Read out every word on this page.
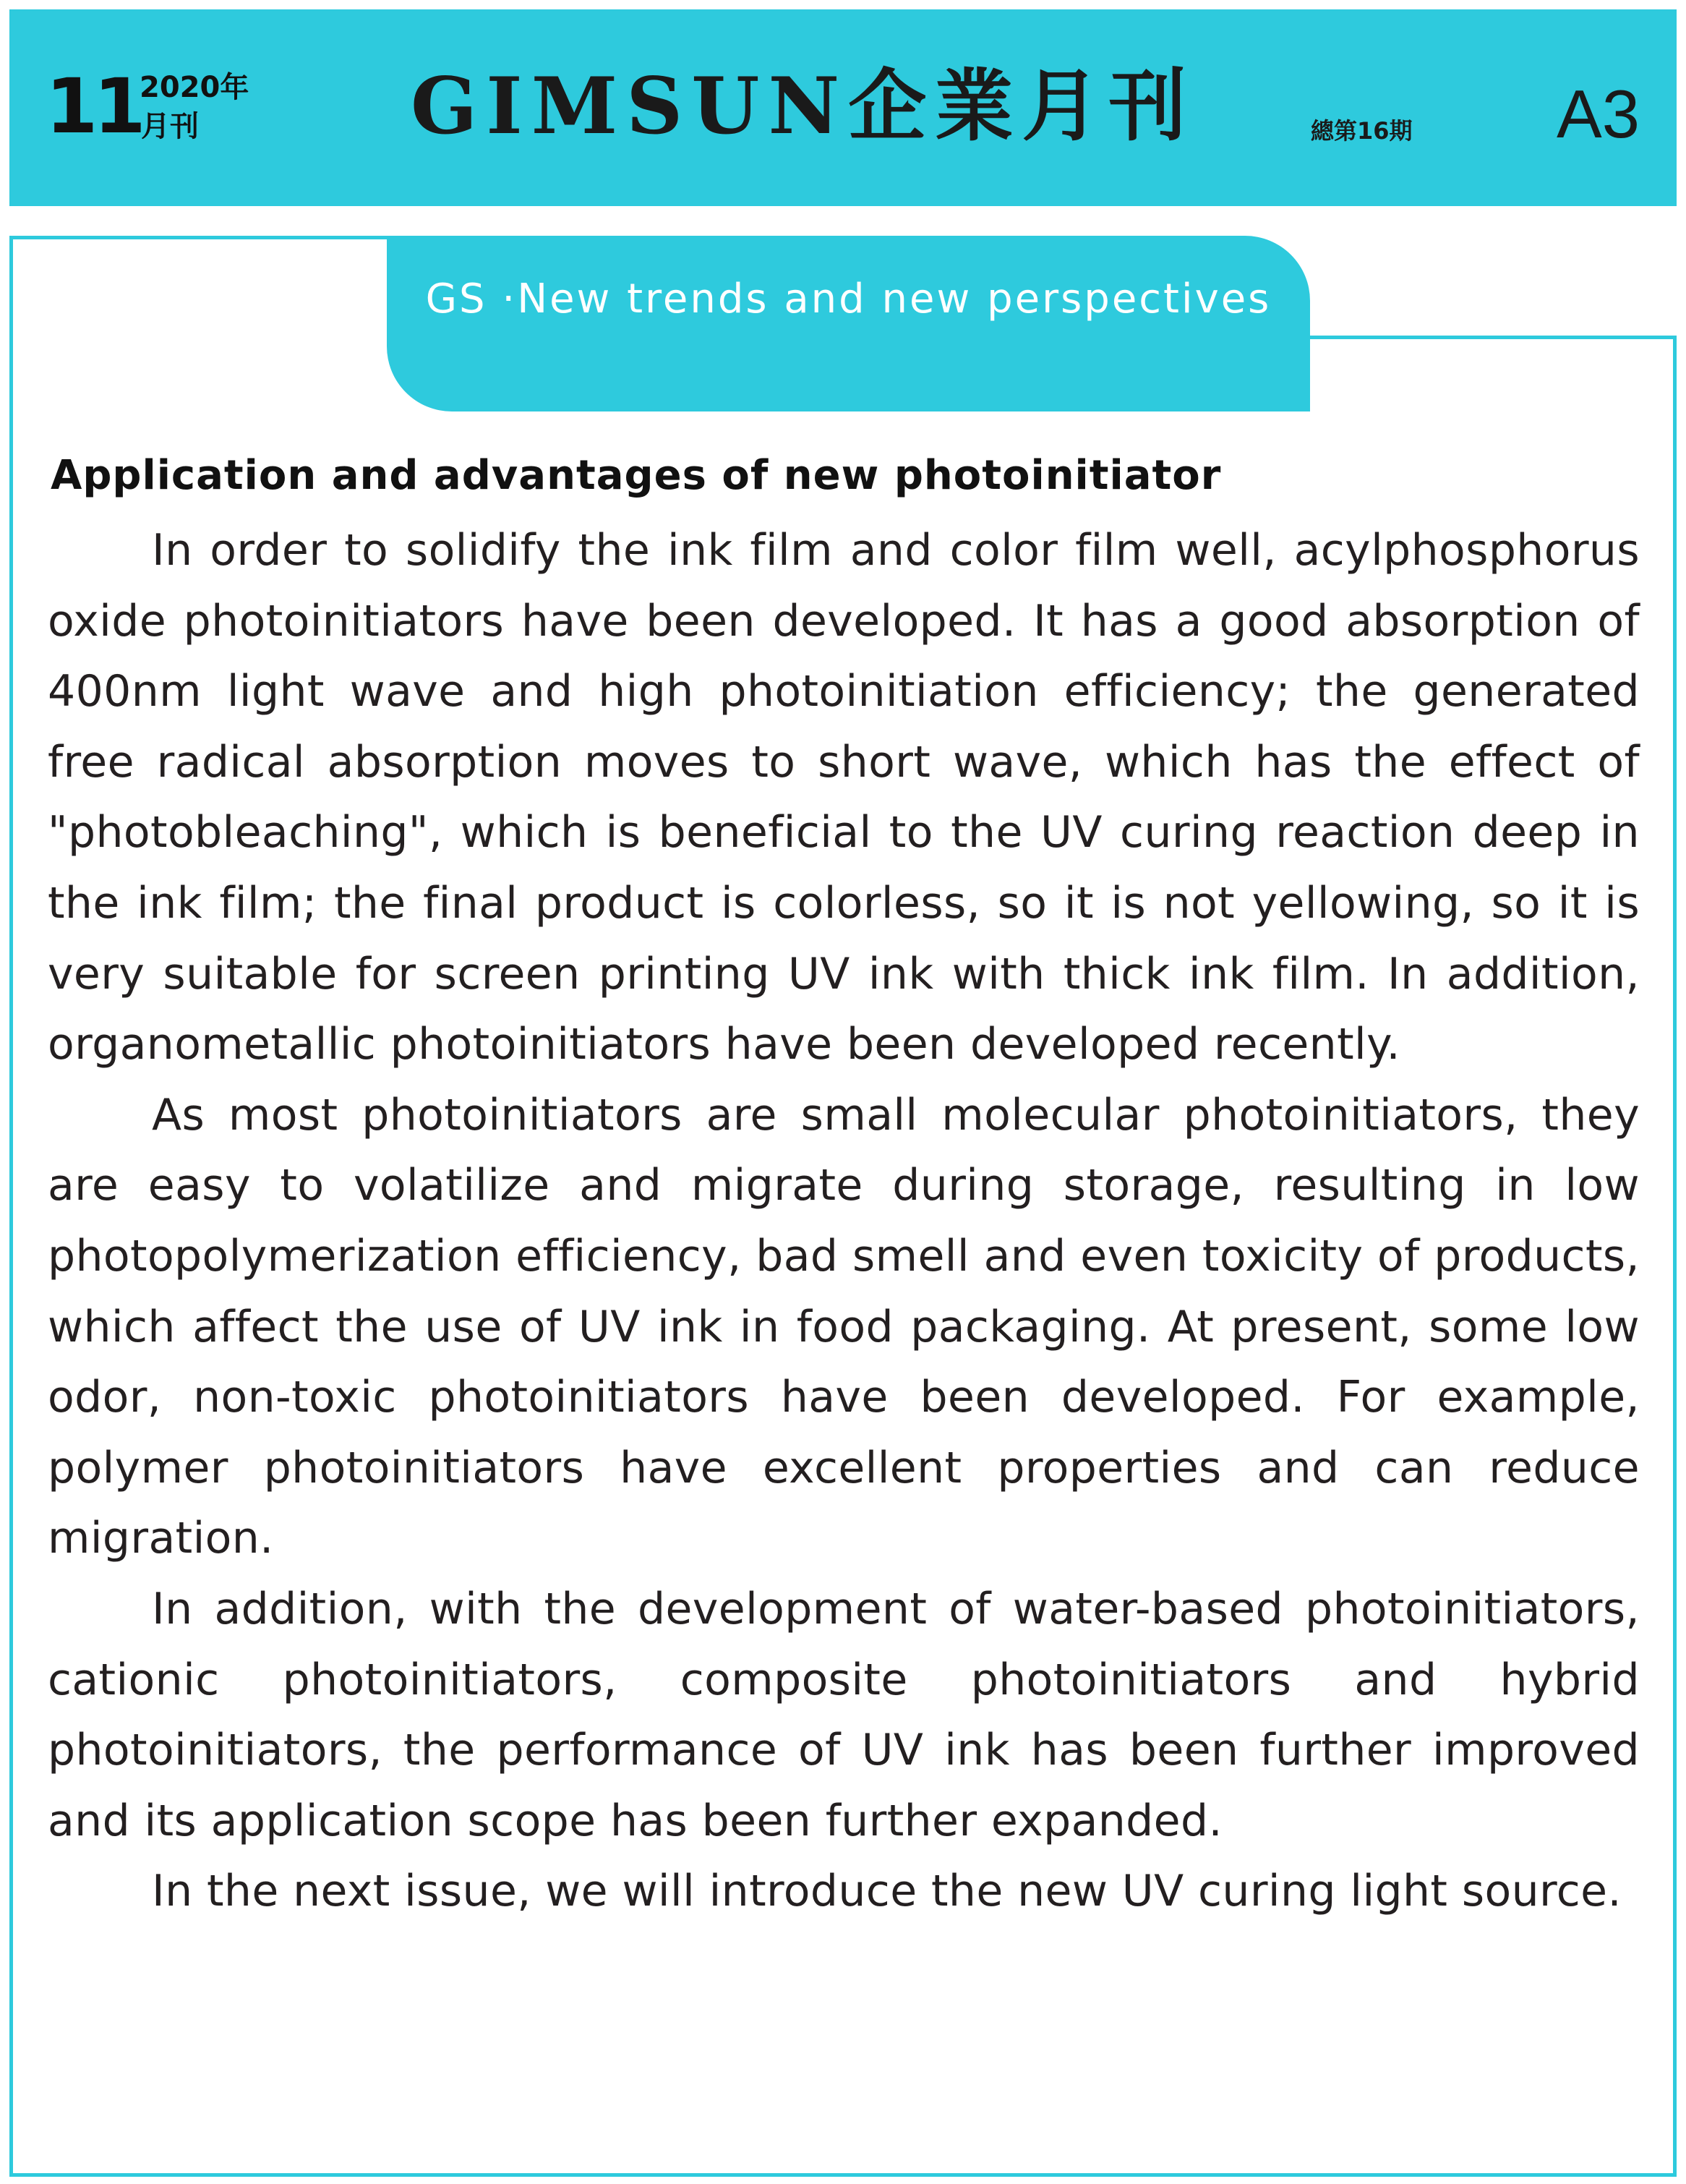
11
2020年
月刊	GIMSUN企業月刊	總第16期 A3
GS ·New trends and new perspectives
Application and advantages of new photoinitiator

In order to solidify the ink film and color film well, acylphosphorus oxide photoinitiators have been developed. It has a good absorption of 400nm light wave and high photoinitiation efficiency; the generated free radical absorption moves to short wave, which has the effect of "photobleaching", which is beneficial to the UV curing reaction deep in the ink film; the final product is colorless, so it is not yellowing, so it is very suitable for screen printing UV ink with thick ink film. In addition, organometallic photoinitiators have been developed recently.

As most photoinitiators are small molecular photoinitiators, they are easy to volatilize and migrate during storage, resulting in low photopolymerization efficiency, bad smell and even toxicity of products, which affect the use of UV ink in food packaging. At present, some low odor, non-toxic photoinitiators have been developed. For example, polymer photoinitiators have excellent properties and can reduce migration.

In addition, with the development of water-based photoinitiators, cationic photoinitiators, composite photoinitiators and hybrid photoinitiators, the performance of UV ink has been further improved and its application scope has been further expanded.

In the next issue, we will introduce the new UV curing light source.
